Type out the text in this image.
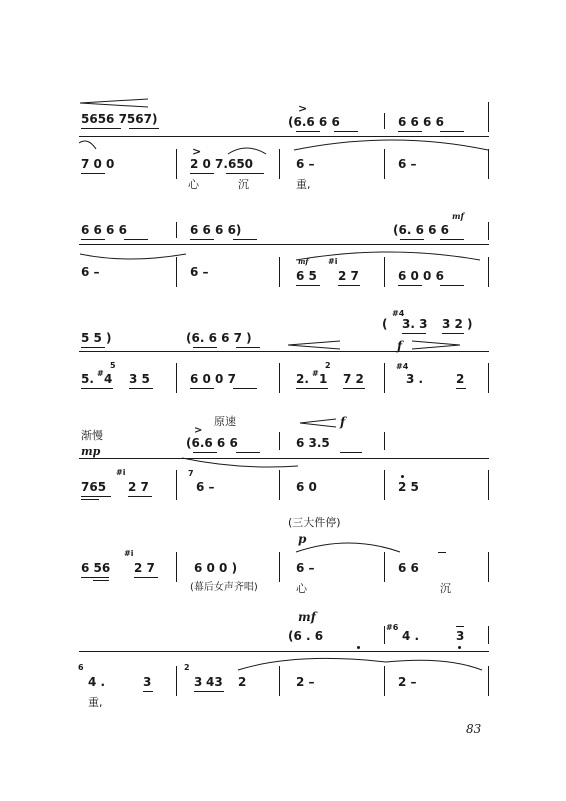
5656 7567)
>
(6.6 6 6	6 6 6 6
7 0 0
>
2 0 7.650	6 –	6 –
心	沉	重,
6 6 6 6	6 6 6 6)
mf
(6. 6 6 6
6 –	6 –
mf
6 5
#i
2 7	6 0 0 6
5 5 )	(6. 6 6 7 )
f
(
#4
3. 3 3 2 )
5. # 4
5
3 5	6 0 0 7	2. # 1
2
7 2
#4
3 .	2
原速
渐慢
f
>
(6.6 6 6	6 3.5
mp
765
#i
2 7
7
6 –	6 0	2 5
(三大件停)
p
6 56
#i
2 7	6 0 0 )	6 –	6 6
(幕后女声齐唱)	心	沉
mf
(6 . 6
#6
4 .	3
6
4 .	3
2
3 43 2	2 –	2 –
重,
83
